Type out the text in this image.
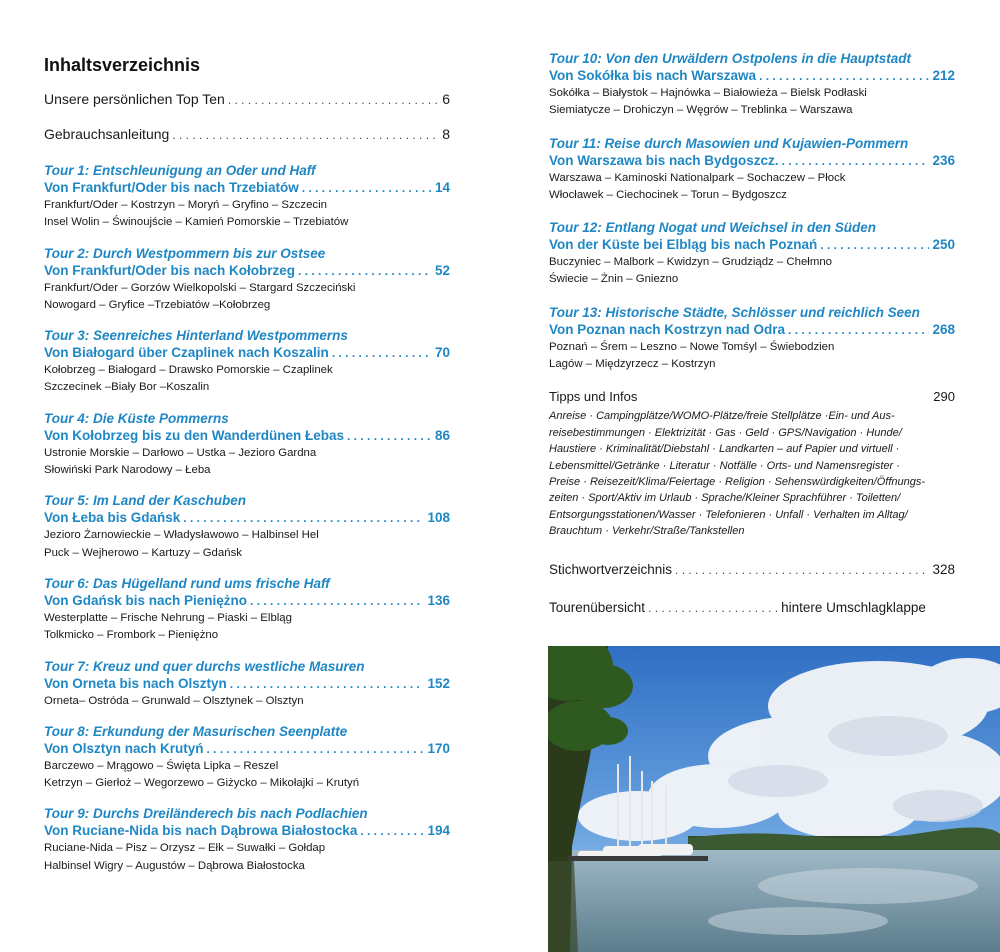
Inhaltsverzeichnis
Unsere persönlichen Top Ten . . .	6
Gebrauchsanleitung . . .	8
Tour 1: Entschleunigung an Oder und Haff
Von Frankfurt/Oder bis nach Trzebiatów . . .	14
Frankfurt/Oder – Kostrzyn – Moryń – Gryfino – Szczecin
Insel Wolin – Świnoujście – Kamień Pomorskie – Trzebiatów
Tour 2: Durch Westpommern bis zur Ostsee
Von Frankfurt/Oder bis nach Kołobrzeg . . .	52
Frankfurt/Oder – Gorzów Wielkopolski – Stargard Szczeciński
Nowogard – Gryfice –Trzebiatów –Kołobrzeg
Tour 3: Seenreiches Hinterland Westpommerns
Von Białogard über Czaplinek nach Koszalin . . .	70
Kołobrzeg – Białogard – Drawsko Pomorskie – Czaplinek
Szczecinek –Biały Bor –Koszalin
Tour 4: Die Küste Pommerns
Von Kołobrzeg bis zu den Wanderdünen Łebas . . .	86
Ustronie Morskie – Darłowo – Ustka – Jezioro Gardna
Słowiński Park Narodowy – Łeba
Tour 5: Im Land der Kaschuben
Von Łeba bis Gdańsk . . .	108
Jezioro Żarnowieckie – Władysławowo – Halbinsel Hel
Puck – Wejherowo – Kartuzy – Gdańsk
Tour 6: Das Hügelland rund ums frische Haff
Von Gdańsk bis nach Pieniężno . . .	136
Westerplatte – Frische Nehrung – Piaski – Elbląg
Tolkmicko – Frombork – Pieniężno
Tour 7: Kreuz und quer durchs westliche Masuren
Von Orneta bis nach Olsztyn . . .	152
Orneta– Ostróda – Grunwald – Olsztynek – Olsztyn
Tour 8: Erkundung der Masurischen Seenplatte
Von Olsztyn nach Krutyń . . .	170
Barczewo – Mrągowo – Święta Lipka – Reszel
Ketrzyn – Gierłoż – Wegorzewo – Giżycko – Mikołajki – Krutyń
Tour 9: Durchs Dreiländerech bis nach Podlachien
Von Ruciane-Nida bis nach Dąbrowa Białostocka . . .	194
Ruciane-Nida – Pisz – Orzysz – Ełk – Suwałki – Gołdap
Halbinsel Wigry – Augustów – Dąbrowa Białostocka
Tour 10: Von den Urwäldern Ostpolens in die Hauptstadt
Von Sokółka bis nach Warszawa . . .	212
Sokółka – Białystok – Hajnówka – Białowieża – Bielsk Podłaski
Siemiatycze – Drohiczyn – Węgrów – Treblinka – Warszawa
Tour 11: Reise durch Masowien und Kujawien-Pommern
Von Warszawa bis nach Bydgoszcz. . . .	236
Warszawa – Kaminoski Nationalpark – Sochaczew – Płock
Włocławek – Ciechocinek – Torun – Bydgoszcz
Tour 12: Entlang Nogat und Weichsel in den Süden
Von der Küste bei Elbląg bis nach Poznań . . .	250
Buczyniec – Malbork – Kwidzyn – Grudziądz – Chełmno
Świecie – Żnin – Gniezno
Tour 13: Historische Städte, Schlösser und reichlich Seen
Von Poznan nach Kostrzyn nad Odra . . .	268
Poznań – Śrem – Leszno – Nowe Tomśyl – Świebodzien
Lagów – Międzyrzecz – Kostrzyn
Tipps und Infos	290
Anreise · Campingplätze/WOMO-Plätze/freie Stellplätze ·Ein- und Aus-
reisebestimmungen · Elektrizität · Gas · Geld · GPS/Navigation · Hunde/
Haustiere · Kriminalität/Diebstahl · Landkarten – auf Papier und virtuell ·
Lebensmittel/Getränke · Literatur · Notfälle · Orts- und Namensregister ·
Preise · Reisezeit/Klima/Feiertage · Religion · Sehenswürdigkeiten/Öffnungs-
zeiten · Sport/Aktiv im Urlaub · Sprache/Kleiner Sprachführer · Toiletten/
Entsorgungsstationen/Wasser · Telefonieren · Unfall · Verhalten im Alltag/
Brauchtum · Verkehr/Straße/Tankstellen
Stichwortverzeichnis . . .	328
Tourenübersicht . . .	hintere Umschlagklappe
